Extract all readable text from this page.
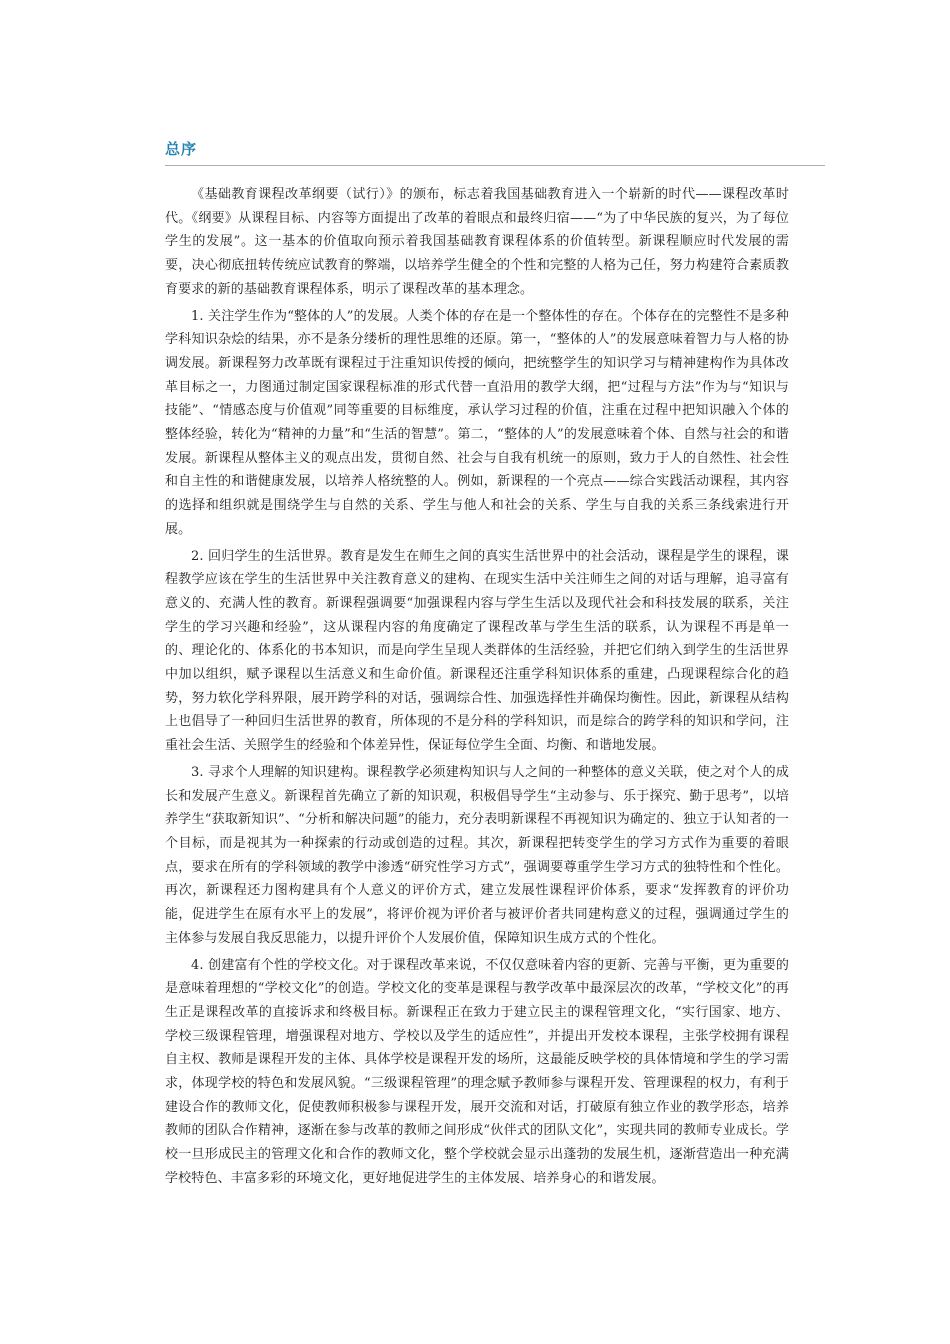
总序

《基础教育课程改革纲要（试行）》的颁布，标志着我国基础教育进入一个崭新的时代——课程改革时代。《纲要》从课程目标、内容等方面提出了改革的着眼点和最终归宿——“为了中华民族的复兴，为了每位学生的发展”。这一基本的价值取向预示着我国基础教育课程体系的价值转型。新课程顺应时代发展的需要，决心彻底扭转传统应试教育的弊端，以培养学生健全的个性和完整的人格为己任，努力构建符合素质教育要求的新的基础教育课程体系，明示了课程改革的基本理念。

1. 关注学生作为“整体的人”的发展。人类个体的存在是一个整体性的存在。个体存在的完整性不是多种学科知识杂烩的结果，亦不是条分缕析的理性思维的还原。第一，“整体的人”的发展意味着智力与人格的协调发展。新课程努力改革既有课程过于注重知识传授的倾向，把统整学生的知识学习与精神建构作为具体改革目标之一，力图通过制定国家课程标准的形式代替一直沿用的教学大纲，把“过程与方法”作为与“知识与技能”、“情感态度与价值观”同等重要的目标维度，承认学习过程的价值，注重在过程中把知识融入个体的整体经验，转化为“精神的力量”和“生活的智慧”。第二，“整体的人”的发展意味着个体、自然与社会的和谐发展。新课程从整体主义的观点出发，贯彻自然、社会与自我有机统一的原则，致力于人的自然性、社会性和自主性的和谐健康发展，以培养人格统整的人。例如，新课程的一个亮点——综合实践活动课程，其内容的选择和组织就是围绕学生与自然的关系、学生与他人和社会的关系、学生与自我的关系三条线索进行开展。

2. 回归学生的生活世界。教育是发生在师生之间的真实生活世界中的社会活动，课程是学生的课程，课程教学应该在学生的生活世界中关注教育意义的建构、在现实生活中关注师生之间的对话与理解，追寻富有意义的、充满人性的教育。新课程强调要“加强课程内容与学生生活以及现代社会和科技发展的联系，关注学生的学习兴趣和经验”，这从课程内容的角度确定了课程改革与学生生活的联系，认为课程不再是单一的、理论化的、体系化的书本知识，而是向学生呈现人类群体的生活经验，并把它们纳入到学生的生活世界中加以组织，赋予课程以生活意义和生命价值。新课程还注重学科知识体系的重建，凸现课程综合化的趋势，努力软化学科界限，展开跨学科的对话，强调综合性、加强选择性并确保均衡性。因此，新课程从结构上也倡导了一种回归生活世界的教育，所体现的不是分科的学科知识，而是综合的跨学科的知识和学问，注重社会生活、关照学生的经验和个体差异性，保证每位学生全面、均衡、和谐地发展。

3. 寻求个人理解的知识建构。课程教学必须建构知识与人之间的一种整体的意义关联，使之对个人的成长和发展产生意义。新课程首先确立了新的知识观，积极倡导学生“主动参与、乐于探究、勤于思考”，以培养学生“获取新知识”、“分析和解决问题”的能力，充分表明新课程不再视知识为确定的、独立于认知者的一个目标，而是视其为一种探索的行动或创造的过程。其次，新课程把转变学生的学习方式作为重要的着眼点，要求在所有的学科领域的教学中渗透“研究性学习方式”，强调要尊重学生学习方式的独特性和个性化。再次，新课程还力图构建具有个人意义的评价方式，建立发展性课程评价体系，要求“发挥教育的评价功能，促进学生在原有水平上的发展”，将评价视为评价者与被评价者共同建构意义的过程，强调通过学生的主体参与发展自我反思能力，以提升评价个人发展价值，保障知识生成方式的个性化。

4. 创建富有个性的学校文化。对于课程改革来说，不仅仅意味着内容的更新、完善与平衡，更为重要的是意味着理想的“学校文化”的创造。学校文化的变革是课程与教学改革中最深层次的改革，“学校文化”的再生正是课程改革的直接诉求和终极目标。新课程正在致力于建立民主的课程管理文化，“实行国家、地方、学校三级课程管理，增强课程对地方、学校以及学生的适应性”，并提出开发校本课程，主张学校拥有课程自主权、教师是课程开发的主体、具体学校是课程开发的场所，这最能反映学校的具体情境和学生的学习需求，体现学校的特色和发展风貌。“三级课程管理”的理念赋予教师参与课程开发、管理课程的权力，有利于建设合作的教师文化，促使教师积极参与课程开发，展开交流和对话，打破原有独立作业的教学形态，培养教师的团队合作精神，逐渐在参与改革的教师之间形成“伙伴式的团队文化”，实现共同的教师专业成长。学校一旦形成民主的管理文化和合作的教师文化，整个学校就会显示出蓬勃的发展生机，逐渐营造出一种充满学校特色、丰富多彩的环境文化，更好地促进学生的主体发展、培养身心的和谐发展。
